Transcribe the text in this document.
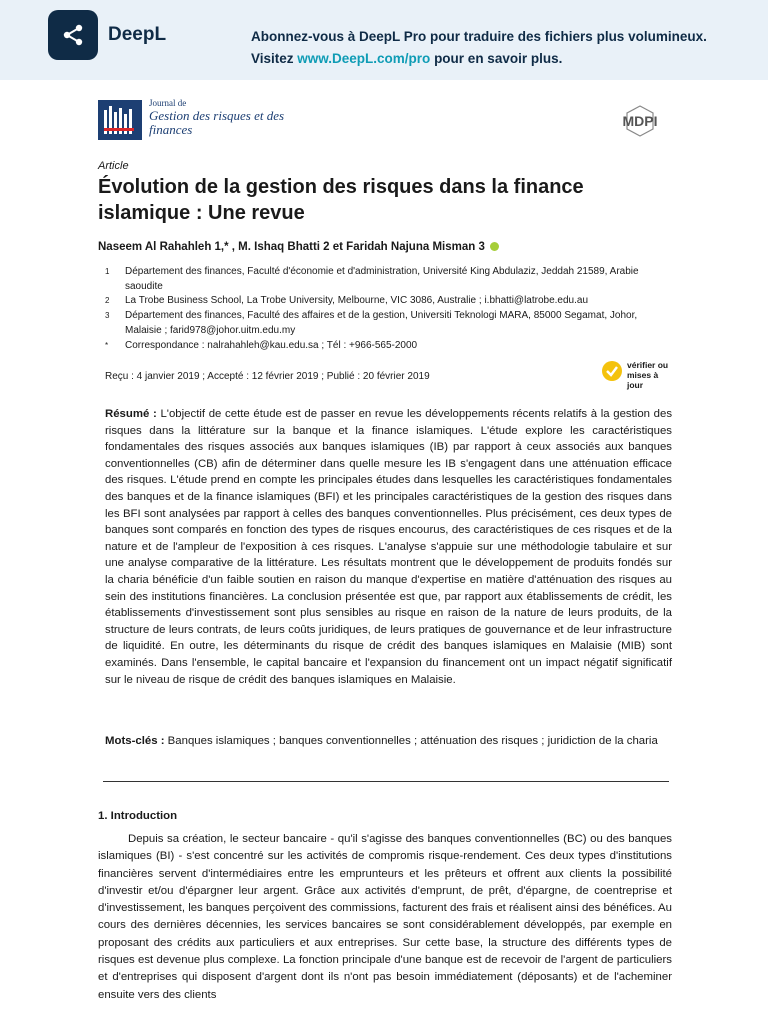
DeepL	Abonnez-vous à DeepL Pro pour traduire des fichiers plus volumineux.
Visitez www.DeepL.com/pro pour en savoir plus.
Journal de
Gestion des risques et des finances
MDPI
Article
Évolution de la gestion des risques dans la finance islamique : Une revue
Naseem Al Rahahleh 1,* , M. Ishaq Bhatti 2 et Faridah Najuna Misman 3
1 Département des finances, Faculté d'économie et d'administration, Université King Abdulaziz, Jeddah 21589, Arabie saoudite
2 La Trobe Business School, La Trobe University, Melbourne, VIC 3086, Australie ; i.bhatti@latrobe.edu.au
3 Département des finances, Faculté des affaires et de la gestion, Universiti Teknologi MARA, 85000 Segamat, Johor, Malaisie ; farid978@johor.uitm.edu.my
* Correspondance : nalrahahleh@kau.edu.sa ; Tél : +966-565-2000
Reçu : 4 janvier 2019 ; Accepté : 12 février 2019 ; Publié : 20 février 2019
vérifier ou mises à jour
Résumé : L'objectif de cette étude est de passer en revue les développements récents relatifs à la gestion des risques dans la littérature sur la banque et la finance islamiques. L'étude explore les caractéristiques fondamentales des risques associés aux banques islamiques (IB) par rapport à ceux associés aux banques conventionnelles (CB) afin de déterminer dans quelle mesure les IB s'engagent dans une atténuation efficace des risques. L'étude prend en compte les principales études dans lesquelles les caractéristiques fondamentales des banques et de la finance islamiques (BFI) et les principales caractéristiques de la gestion des risques dans les BFI sont analysées par rapport à celles des banques conventionnelles. Plus précisément, ces deux types de banques sont comparés en fonction des types de risques encourus, des caractéristiques de ces risques et de la nature et de l'ampleur de l'exposition à ces risques. L'analyse s'appuie sur une méthodologie tabulaire et sur une analyse comparative de la littérature. Les résultats montrent que le développement de produits fondés sur la charia bénéficie d'un faible soutien en raison du manque d'expertise en matière d'atténuation des risques au sein des institutions financières. La conclusion présentée est que, par rapport aux établissements de crédit, les établissements d'investissement sont plus sensibles au risque en raison de la nature de leurs produits, de la structure de leurs contrats, de leurs coûts juridiques, de leurs pratiques de gouvernance et de leur infrastructure de liquidité. En outre, les déterminants du risque de crédit des banques islamiques en Malaisie (MIB) sont examinés. Dans l'ensemble, le capital bancaire et l'expansion du financement ont un impact négatif significatif sur le niveau de risque de crédit des banques islamiques en Malaisie.
Mots-clés : Banques islamiques ; banques conventionnelles ; atténuation des risques ; juridiction de la charia
1. Introduction
Depuis sa création, le secteur bancaire - qu'il s'agisse des banques conventionnelles (BC) ou des banques islamiques (BI) - s'est concentré sur les activités de compromis risque-rendement. Ces deux types d'institutions financières servent d'intermédiaires entre les emprunteurs et les prêteurs et offrent aux clients la possibilité d'investir et/ou d'épargner leur argent. Grâce aux activités d'emprunt, de prêt, d'épargne, de coentreprise et d'investissement, les banques perçoivent des commissions, facturent des frais et réalisent ainsi des bénéfices. Au cours des dernières décennies, les services bancaires se sont considérablement développés, par exemple en proposant des crédits aux particuliers et aux entreprises. Sur cette base, la structure des différents types de risques est devenue plus complexe. La fonction principale d'une banque est de recevoir de l'argent de particuliers et d'entreprises qui disposent d'argent dont ils n'ont pas besoin immédiatement (déposants) et de l'acheminer ensuite vers des clients
